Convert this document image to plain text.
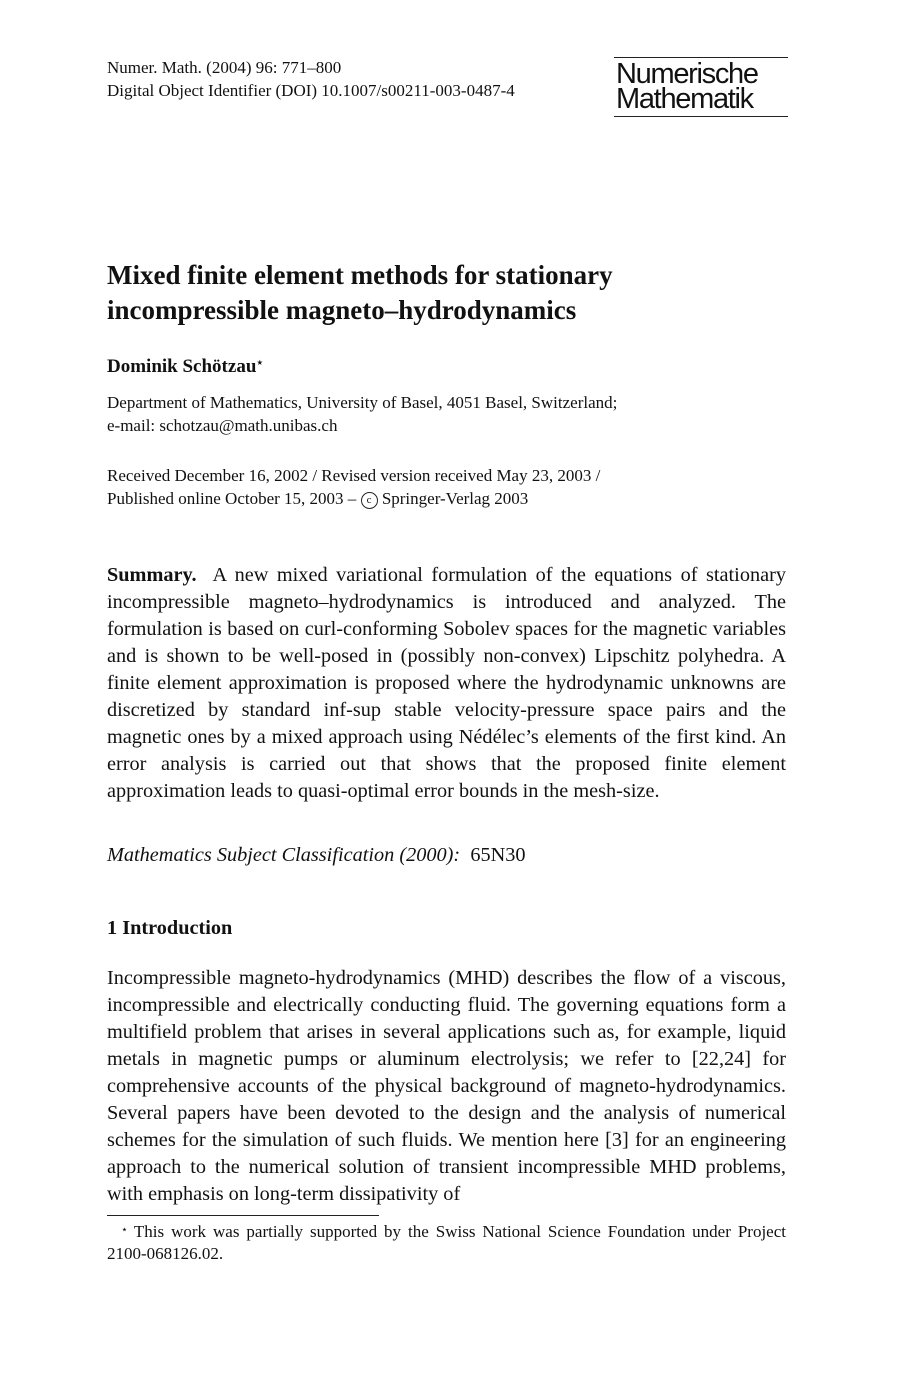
Numer. Math. (2004) 96: 771–800
Digital Object Identifier (DOI) 10.1007/s00211-003-0487-4
Numerische
Mathematik
Mixed finite element methods for stationary
incompressible magneto–hydrodynamics
Dominik Schötzau⋆
Department of Mathematics, University of Basel, 4051 Basel, Switzerland;
e-mail: schotzau@math.unibas.ch
Received December 16, 2002 / Revised version received May 23, 2003 /
Published online October 15, 2003 – c Springer-Verlag 2003
Summary. A new mixed variational formulation of the equations of stationary incompressible magneto–hydrodynamics is introduced and analyzed. The formulation is based on curl-conforming Sobolev spaces for the magnetic variables and is shown to be well-posed in (possibly non-convex) Lipschitz polyhedra. A finite element approximation is proposed where the hydrodynamic unknowns are discretized by standard inf-sup stable velocity-pressure space pairs and the magnetic ones by a mixed approach using Nédélec’s elements of the first kind. An error analysis is carried out that shows that the proposed finite element approximation leads to quasi-optimal error bounds in the mesh-size.
Mathematics Subject Classification (2000): 65N30
1 Introduction
Incompressible magneto-hydrodynamics (MHD) describes the flow of a viscous, incompressible and electrically conducting fluid. The governing equations form a multifield problem that arises in several applications such as, for example, liquid metals in magnetic pumps or aluminum electrolysis; we refer to [22,24] for comprehensive accounts of the physical background of magneto-hydrodynamics. Several papers have been devoted to the design and the analysis of numerical schemes for the simulation of such fluids. We mention here [3] for an engineering approach to the numerical solution of transient incompressible MHD problems, with emphasis on long-term dissipativity of
⋆ This work was partially supported by the Swiss National Science Foundation under Project 2100-068126.02.
